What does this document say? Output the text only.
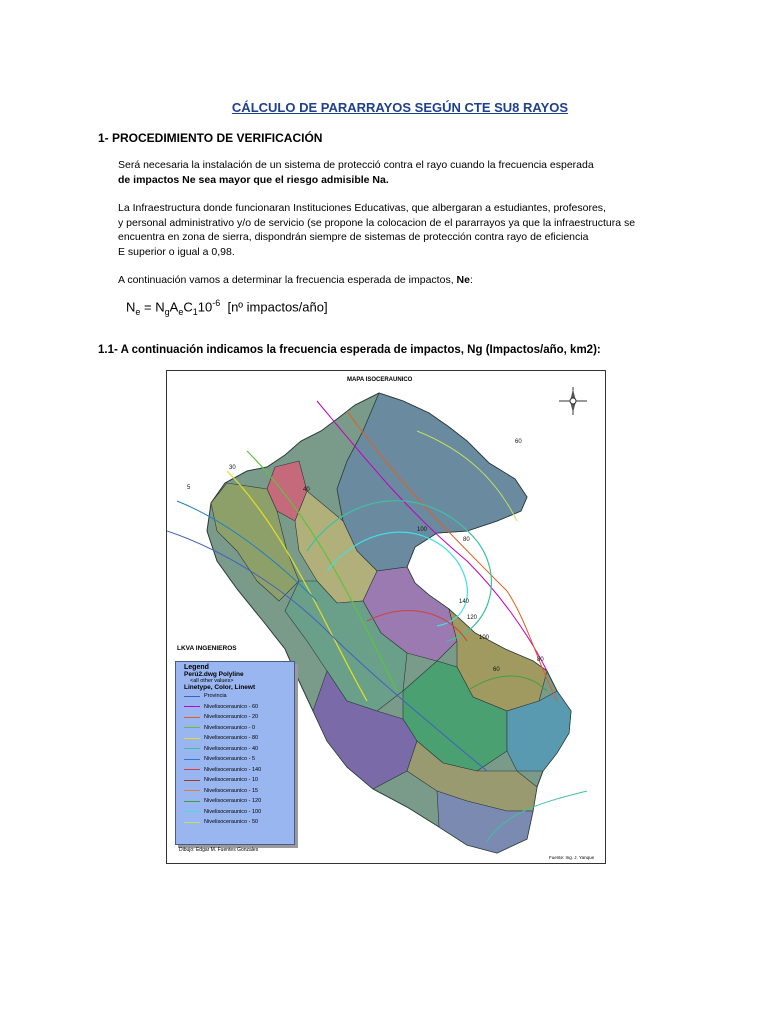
CÁLCULO DE PARARRAYOS SEGÚN CTE SU8 RAYOS
1- PROCEDIMIENTO DE VERIFICACIÓN
Será necesaria la instalación de un sistema de protecció contra el rayo cuando la frecuencia esperada
de impactos Ne sea mayor que el riesgo admisible Na.
La Infraestructura donde funcionaran Instituciones Educativas, que albergaran a estudiantes, profesores,
y personal administrativo y/o de servicio (se propone la colocacion de el pararrayos ya que la infraestructura se
encuentra en zona de sierra, dispondrán siempre de sistemas de protección contra rayo de eficiencia
E superior o igual a 0,98.
A continuación vamos a determinar la frecuencia esperada de impactos, Ne:
$N_e = N_gA_eC_110^{-6}$ [nº impactos/año]
1.1- A continuación indicamos la frecuencia esperada de impactos, Ng (Impactos/año, km2):
MAPA ISOCERAUNICO
30
5	40
60
80
100
140
120
100
80
60
LKVA INGENIEROS
Legend
Perú2.dwg Polyline
<all other values>
Linetype, Color, Linewt
Provincia
Nivelisoceraunico - 60
Nivelisoceraunico - 20
Nivelisoceraunico - 0
Nivelisoceraunico - 80
Nivelisoceraunico - 40
Nivelisoceraunico - 5
Nivelisoceraunico - 140
Nivelisoceraunico - 10
Nivelisoceraunico - 15
Nivelisoceraunico - 120
Nivelisoceraunico - 100
Nivelisoceraunico - 50
Dibujo: Edgar M. Fuentes Gonzales
Fuente: Ing. J. Yanque
